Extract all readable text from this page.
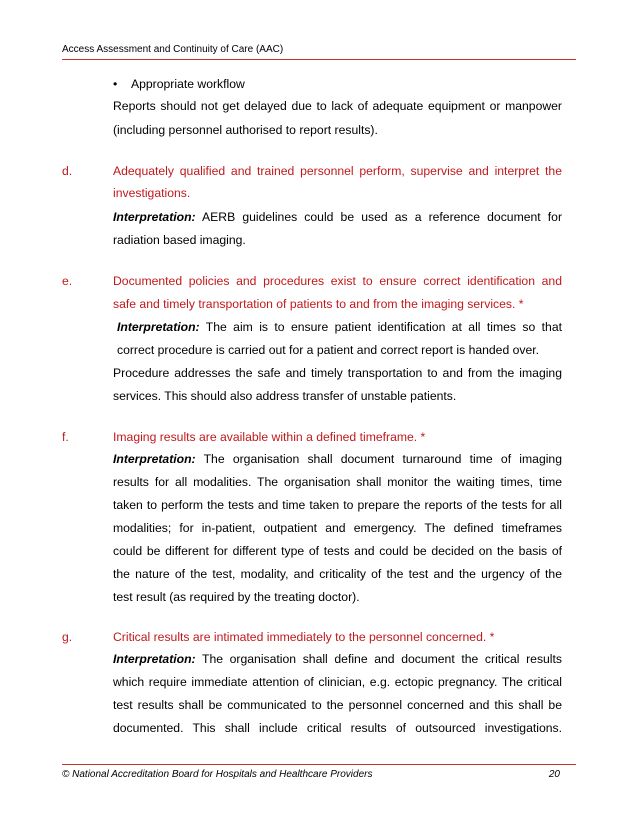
Access Assessment and Continuity of Care (AAC)
• Appropriate workflow
Reports should not get delayed due to lack of adequate equipment or manpower
(including personnel authorised to report results).
d.	Adequately qualified and trained personnel perform, supervise and interpret the
investigations.
Interpretation: AERB guidelines could be used as a reference document for
radiation based imaging.
e.	Documented policies and procedures exist to ensure correct identification and
safe and timely transportation of patients to and from the imaging services. *
Interpretation: The aim is to ensure patient identification at all times so that
correct procedure is carried out for a patient and correct report is handed over.
Procedure addresses the safe and timely transportation to and from the imaging
services. This should also address transfer of unstable patients.
f.	Imaging results are available within a defined timeframe. *
Interpretation: The organisation shall document turnaround time of imaging
results for all modalities. The organisation shall monitor the waiting times, time
taken to perform the tests and time taken to prepare the reports of the tests for all
modalities; for in-patient, outpatient and emergency. The defined timeframes
could be different for different type of tests and could be decided on the basis of
the nature of the test, modality, and criticality of the test and the urgency of the
test result (as required by the treating doctor).
g.	Critical results are intimated immediately to the personnel concerned. *
Interpretation: The organisation shall define and document the critical results
which require immediate attention of clinician, e.g. ectopic pregnancy. The critical
test results shall be communicated to the personnel concerned and this shall be
documented. This shall include critical results of outsourced investigations.
© National Accreditation Board for Hospitals and Healthcare Providers	20
